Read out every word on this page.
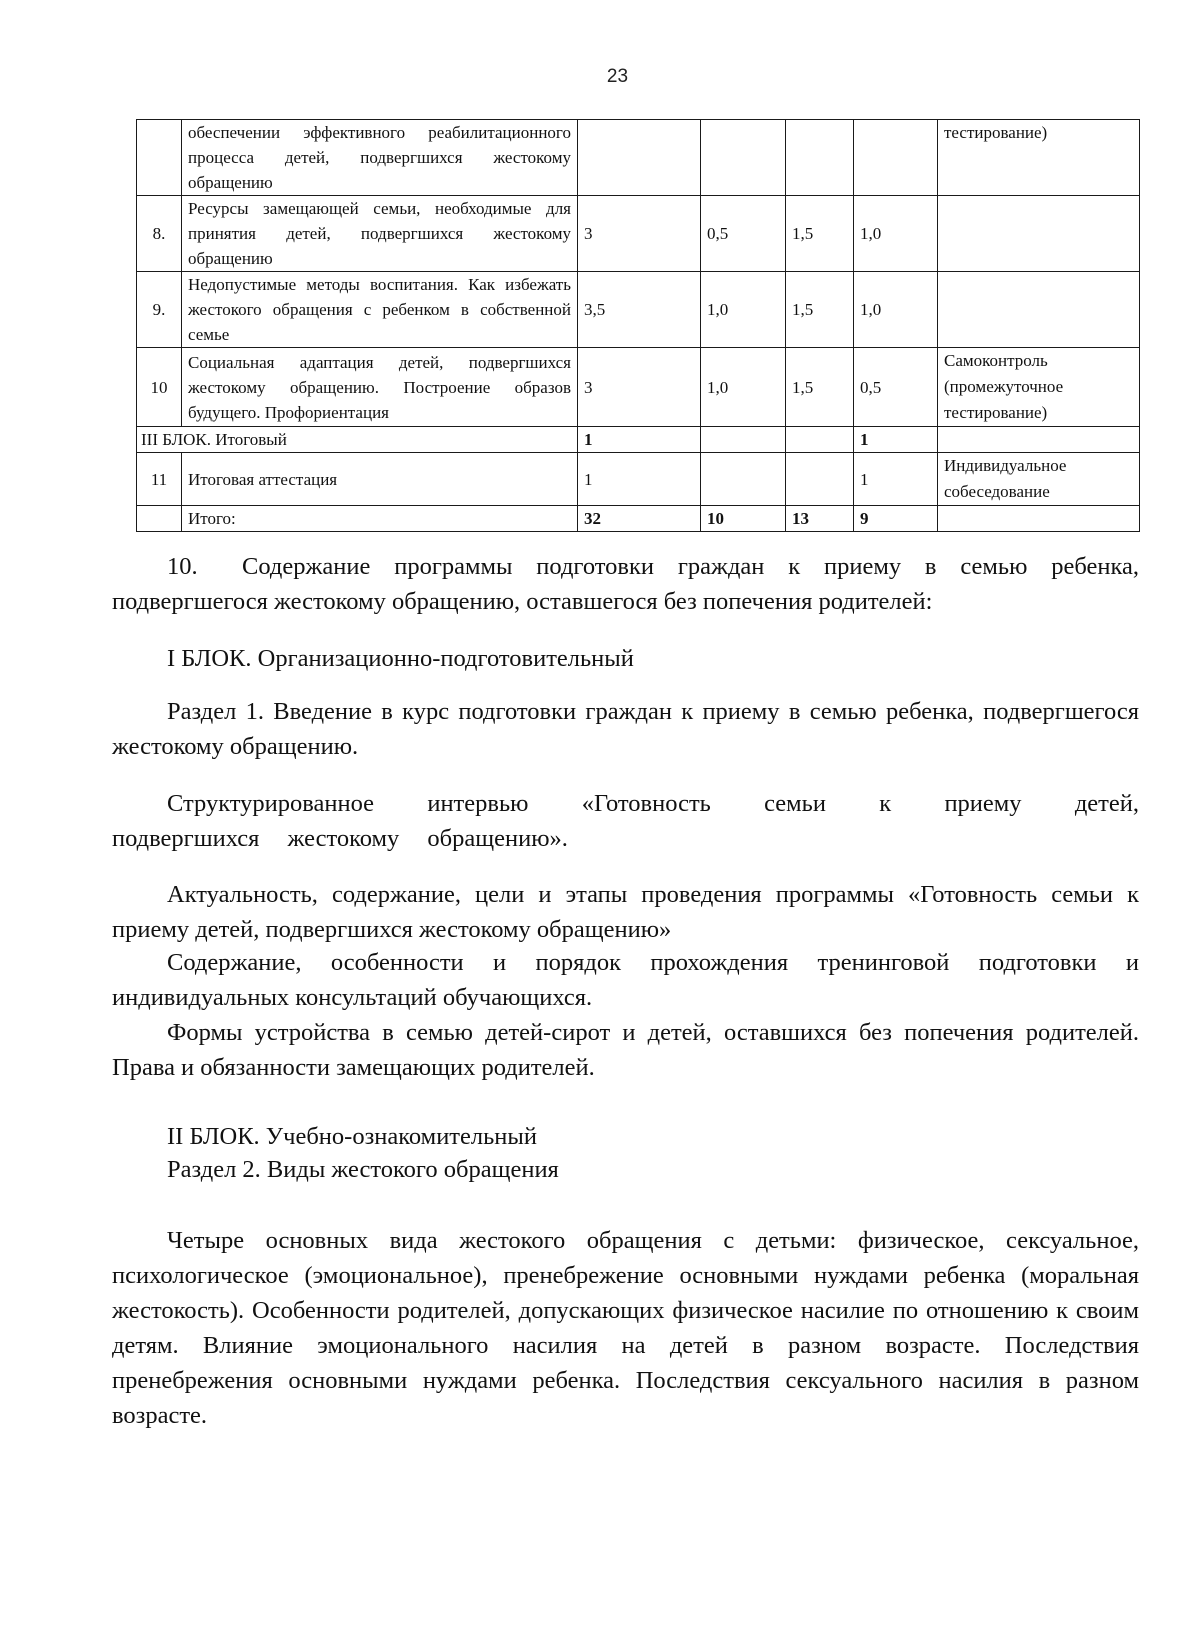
23
	обеспечении эффективного реабилитационного процесса детей, подвергшихся жестокому обращению					тестирование)
8.	Ресурсы замещающей семьи, необходимые для принятия детей, подвергшихся жестокому обращению	3	0,5	1,5	1,0	
9.	Недопустимые методы воспитания. Как избежать жестокого обращения с ребенком в собственной семье	3,5	1,0	1,5	1,0	
10	Социальная адаптация детей, подвергшихся жестокому обращению. Построение образов будущего. Профориентация	3	1,0	1,5	0,5	Самоконтроль (промежуточное тестирование)
III БЛОК. Итоговый		1			1	
11	Итоговая аттестация	1			1	Индивидуальное собеседование
	Итого:	32	10	13	9	

10. Содержание программы подготовки граждан к приему в семью ребенка, подвергшегося жестокому обращению, оставшегося без попечения родителей:

I БЛОК. Организационно-подготовительный

Раздел 1. Введение в курс подготовки граждан к приему в семью ребенка, подвергшегося жестокому обращению.

Структурированное интервью «Готовность семьи к приему детей, подвергшихся жестокому обращению».

Актуальность, содержание, цели и этапы проведения программы «Готовность семьи к приему детей, подвергшихся жестокому обращению»

Содержание, особенности и порядок прохождения тренинговой подготовки и индивидуальных консультаций обучающихся.

Формы устройства в семью детей-сирот и детей, оставшихся без попечения родителей. Права и обязанности замещающих родителей.

II БЛОК. Учебно-ознакомительный

Раздел 2. Виды жестокого обращения

Четыре основных вида жестокого обращения с детьми: физическое, сексуальное, психологическое (эмоциональное), пренебрежение основными нуждами ребенка (моральная жестокость). Особенности родителей, допускающих физическое насилие по отношению к своим детям. Влияние эмоционального насилия на детей в разном возрасте. Последствия пренебрежения основными нуждами ребенка. Последствия сексуального насилия в разном возрасте.
